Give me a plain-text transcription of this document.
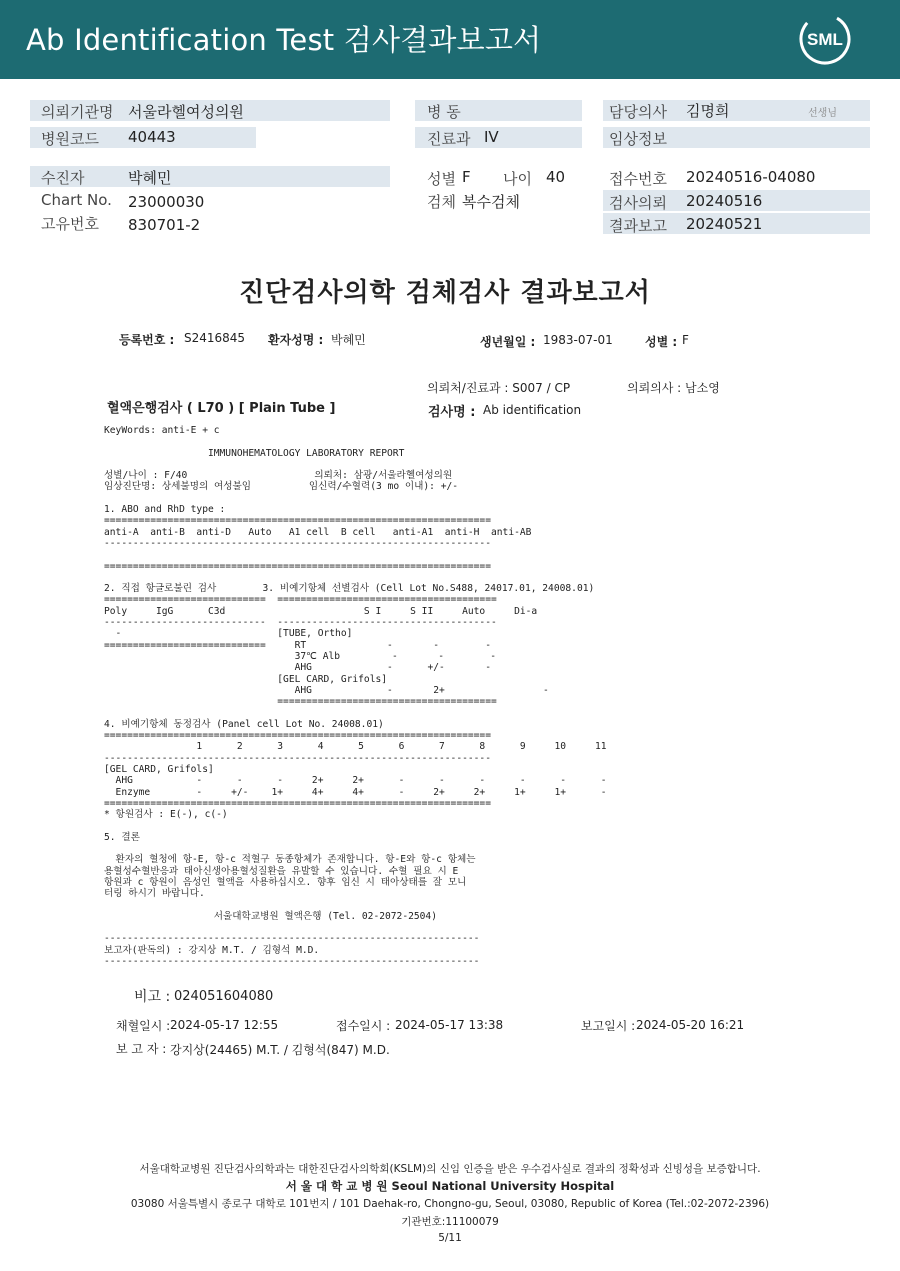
Ab Identification Test 검사결과보고서	SML
의뢰기관명 서울라헬여성의원
병원코드 40443
병 동
진료과 IV
담당의사 김명희	선생님
임상정보
수진자	박혜민
Chart No. 23000030
고유번호 830701-2
성별 F 나이 40
검체 복수검체
접수번호 20240516-04080
검사의뢰 20240516
결과보고 20240521
진단검사의학 검체검사 결과보고서
등록번호 : S2416845 환자성명 : 박혜민	생년월일 : 1983-07-01	성별 : F
의뢰처/진료과 : S007 / CP	의뢰의사 : 남소영
혈액은행검사 ( L70 ) [ Plain Tube ]	검사명 : Ab identification
KeyWords: anti-E + c

IMMUNOHEMATOLOGY LABORATORY REPORT

성별/나이 : F/40                      의뢰처: 삼광/서울라헬여성의원
임상진단명: 상세불명의 여성불임          임신력/수혈력(3 mo 이내): +/-

1. ABO and RhD type :
===================================================================
anti-A  anti-B  anti-D   Auto   A1 cell  B cell   anti-A1  anti-H  anti-AB
-------------------------------------------------------------------

===================================================================

2. 직접 항글로불린 검사        3. 비예기항체 선별검사 (Cell Lot No.S488, 24017.01, 24008.01)
============================  ======================================
Poly     IgG      C3d                        S I     S II     Auto     Di-a
----------------------------  --------------------------------------
-                           [TUBE, Ortho]
============================     RT              -       -        -
37℃ Alb         -       -        -
AHG             -      +/-       -
[GEL CARD, Grifols]
AHG             -       2+                 -
======================================

4. 비예기항체 동정검사 (Panel cell Lot No. 24008.01)
===================================================================
1      2      3      4      5      6      7      8      9     10     11
-------------------------------------------------------------------
[GEL CARD, Grifols]
AHG           -      -      -     2+     2+      -      -      -      -      -      -
Enzyme        -     +/-    1+     4+     4+      -     2+     2+     1+     1+      -
===================================================================
* 항원검사 : E(-), c(-)

5. 결론

환자의 혈청에 항-E, 항-c 적혈구 동종항체가 존재합니다. 항-E와 항-c 항체는
용혈성수혈반응과 태아신생아용혈성질환을 유발할 수 있습니다. 수혈 필요 시 E
항원과 c 항원이 음성인 혈액을 사용하십시오. 향후 임신 시 태아상태를 잘 모니
터링 하시기 바랍니다.

서울대학교병원 혈액은행 (Tel. 02-2072-2504)

-----------------------------------------------------------------
보고자(판독의) : 강지상 M.T. / 김형석 M.D.
-----------------------------------------------------------------
비고 : 024051604080
채혈일시 : 2024-05-17 12:55	접수일시 : 2024-05-17 13:38	보고일시 : 2024-05-20 16:21
보 고 자 : 강지상(24465) M.T. / 김형석(847) M.D.
서울대학교병원 진단검사의학과는 대한진단검사의학회(KSLM)의 신임 인증을 받은 우수검사실로 결과의 정확성과 신빙성을 보증합니다.
서 울 대 학 교 병 원 Seoul National University Hospital
03080 서울특별시 종로구 대학로 101번지 / 101 Daehak-ro, Chongno-gu, Seoul, 03080, Republic of Korea (Tel.:02-2072-2396)
기관번호:11100079
5/11
